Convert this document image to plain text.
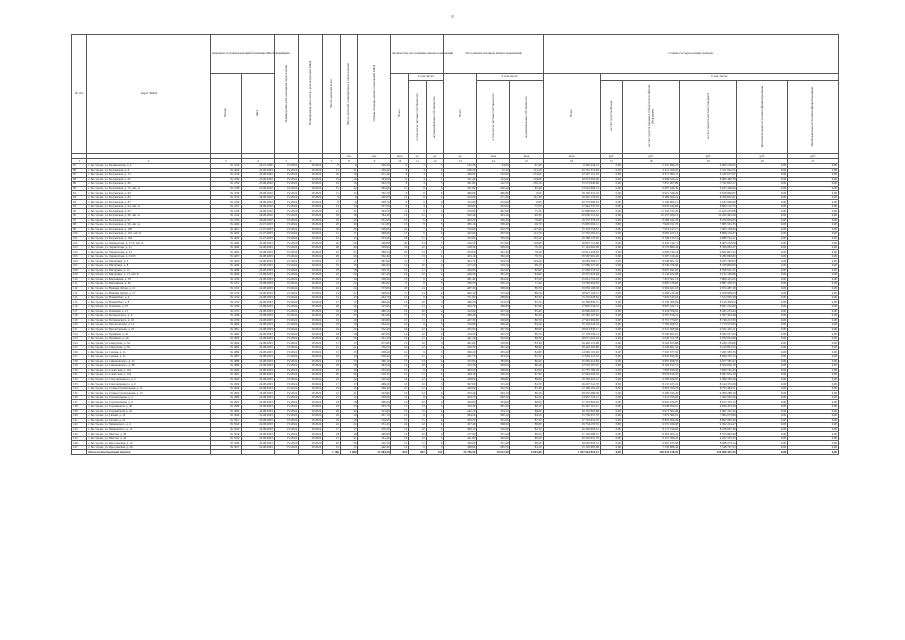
8
№ п/п	Адрес МКД	Документ, подтверждающий признание МКД аварийным		Планируемая дата окончания переселения	Планируемая дата сноса / реконструкции МКД	Число жителей всего	Число жителей, планируемых к переселению	Общая площадь жилых помещений МКД	Количество расселяемых жилых помещений			Расселяемая площадь жилых помещений			Стоимость переселения граждан					
		Номер	Дата						Всего	в том числе:		Всего	в том числе:		Всего	в том числе:				
										в том числе частная собственность	муниципальная собственность		в том числе частная собственность	муниципальная собственность		за счет средств Фонда	за счет средств бюджета субъекта Российской Федерации	за счет средств местного бюджета	Дополнительные источники финансирования	Внебюджетные источники финансирования
							чел.	чел.	кв.м	ед.	ед.	ед.	кв.м	кв.м	кв.м	руб.	руб.	руб.	руб.	руб.
1	2	3	4	5	6	7	8	9	10	11	12	13	14	15	16	17	18	19	20	21
85	г. Кострома, ул. Калиновская, д. 4	№ 473г	24.10.1996	IV.2024	IV.2024	6	6	206,40	6	3	3	122,30	24,90	97,40	9 392 444,12	0,00	5 331 694,10	4 060 750,02	0,00	0,00
86	г. Кострома, ул. Козуевская, д. 8	№ 464г	25.09.2003	IV.2024	IV.2024	21	21	256,40	8	4	4	166,20	52,10	114,10	10 722 372,94	0,00	5 411 350,20	5 311 022,74	0,00	0,00
87	г. Кострома, ул. Козуевская, д. 15	№ 474г	25.08.2002	IV.2024	IV.2024	16	16	471,40	6	4	2	406,00	132,00	274,00	12 547 112,18	0,00	6 317 095,11	6 230 017,07	0,00	0,00
88	г. Кострома, ул. Козуевская, д. 62	№ 476г	25.08.2002	IV.2024	IV.2024	19	16	563,00	11	4	7	351,40	132,60	218,80	18 072 981,00	0,00	9 086 520,22	8 986 460,78	0,00	0,00
89	г. Кострома, ул. Козуевская, д. 66	№ 472г	25.08.2002	IV.2024	IV.2024	16	16	504,70	8	3	5	381,80	142,70	239,10	15 573 640,06	0,00	7 851 007,89	7 722 632,17	0,00	0,00
90	г. Кострома, ул. Козуевская, д. 72, лит. А	№ 478г	25.08.2002	IV.2024	IV.2024	15	12	565,60	12	9	3	331,80	246,40	85,40	13 622 890,14	0,00	6 987 440,30	6 635 449,84	0,00	0,00
91	г. Кострома, ул. Козуевская, д. 84	№ 479г	26.08.2002	IV.2024	IV.2024	11	11	792,70	6	6	0	480,80	480,80	0,00	19 740 331,16	0,00	9 921 340,29	9 818 990,87	0,00	0,00
92	г. Кострома, ул. Козуевская, д. 85	№ 473г	26.08.2002	IV.2024	IV.2024	9	9	420,00	12	8	4	412,60	271,30	141,30	16 945 133,02	0,00	8 486 300,41	8 458 832,61	0,00	0,00
93	г. Кострома, ул. Козуевская, д. 87	№ 470г	26.08.2002	IV.2024	IV.2024	8	8	348,10	9	9	0	252,60	252,60	0,00	10 373 000,81	0,00	5 190 004,15	5 182 996,66	0,00	0,00
94	г. Кострома, ул. Козуевская, д. 94, лит. А	№ 471г	26.08.2002	IV.2024	IV.2024	14	14	557,50	6	4	2	429,60	352,60	77,00	17 642 337,33	0,00	8 833 224,60	8 809 112,73	0,00	0,00
95	г. Кострома, ул. Козуевская, д. 95	№ 479г	26.08.2002	IV.2024	IV.2024	21	21	564,70	11	9	2	556,90	481,60	75,30	22 868 694,37	0,00	11 445 511,29	11 423 183,08	0,00	0,00
96	г. Кострома, ул. Козуевская, д. 96, лит. А	№ 474г	26.08.2002	IV.2024	IV.2024	18	18	784,30	13	11	2	502,40	403,10	99,30	20 630 513,42	0,00	10 337 020,13	10 293 493,29	0,00	0,00
97	г. Кострома, ул. Козуевская, д. 97	№ 476г	26.08.2002	IV.2024	IV.2024	19	19	531,90	13	6	7	403,20	326,30	76,90	16 557 376,43	0,00	8 286 441,78	8 270 934,65	0,00	0,00
98	г. Кострома, ул. Козуевская, д. 99, лит. А	№ 460г	21.07.2003	IV.2024	IV.2024	20	20	511,80	13	8	5	385,10	338,40	46,70	15 805 693,11	0,00	7 920 191,76	7 885 501,35	0,00	0,00
99	г. Кострома, ул. Козуевская, д. 100	№ 461г	21.07.2003	IV.2024	IV.2024	30	30	509,00	16	7	9	370,60	232,70	137,90	15 218 556,81	0,00	7 613 417,17	7 605 139,64	0,00	0,00
100	г. Кострома, ул. Козуевская, д. 101, лит. Б	№ 462г	21.07.2003	IV.2024	IV.2024	11	11	396,60	13	9	4	422,60	307,90	114,70	17 353 581,61	0,00	8 685 427,14	8 668 154,47	0,00	0,00
101	г. Кострома, ул. Козуевская, д. 102	№ 463г	21.07.2003	IV.2024	IV.2024	15	15	553,20	18	11	7	472,60	339,40	133,20	19 398 137,62	0,00	9 709 413,51	9 688 724,11	0,00	0,00
102	г. Кострома, ул. Лермонтова, д. 17/4, лит. А	№ 460г	22.08.2003	IV.2024	IV.2024	20	20	450,80	20	13	7	410,50	251,60	158,90	16 825 712,80	0,00	8 422 134,71	8 403 578,09	0,00	0,00
103	г. Кострома, ул. Лермонтова, д. 21	№ 468г	22.08.2003	IV.2024	IV.2024	20	20	529,60	16	12	4	418,30	339,20	79,10	17 142 962,69	0,00	8 576 880,42	8 566 082,27	0,00	0,00
104	г. Кострома, ул. Лермонтова, д. 23	№ 465г	22.08.2003	IV.2024	IV.2024	25	25	589,50	19	14	5	479,60	401,30	78,30	19 651 433,67	0,00	9 828 742,14	9 822 691,53	0,00	0,00
105	г. Кострома, ул. Лермонтова, д. 23/25	№ 467г	22.08.2003	IV.2024	IV.2024	20	20	532,40	17	13	4	453,10	382,40	70,70	18 567 901,26	0,00	9 287 210,44	9 280 690,82	0,00	0,00
106	г. Кострома, ул. Мичурина, д. 3	№ 463г	22.08.2003	IV.2024	IV.2024	17	17	481,90	12	7	5	392,70	263,50	129,20	16 084 390,17	0,00	8 048 601,52	8 035 788,65	0,00	0,00
107	г. Кострома, ул. Мичурина, д. 8	№ 466г	22.08.2003	IV.2024	IV.2024	19	19	490,30	14	10	4	417,20	319,10	98,10	17 088 227,49	0,00	8 549 336,66	8 538 890,83	0,00	0,00
108	г. Кострома, ул. Мичурина, д. 12	№ 468г	22.08.2003	IV.2024	IV.2024	18	18	520,70	15	11	4	429,80	342,90	86,90	17 604 553,22	0,00	8 807 641,95	8 796 911,27	0,00	0,00
109	г. Кострома, ул. Мичурина, д. 13, лит. Б	№ 469г	22.08.2003	IV.2024	IV.2024	22	22	547,10	16	12	4	446,20	361,30	84,90	18 275 618,94	0,00	9 143 422,08	9 132 196,86	0,00	0,00
110	г. Кострома, ул. Мясницкая, д. 58	№ 470г	22.08.2003	IV.2024	IV.2024	16	16	458,30	13	9	4	381,40	294,20	87,20	15 621 752,18	0,00	7 815 301,13	7 806 451,05	0,00	0,00
111	г. Кострома, ул. Мясницкая, д. 60	№ 471г	22.08.2003	IV.2024	IV.2024	14	14	402,90	11	8	3	336,50	265,10	71,40	13 782 604,93	0,00	6 895 128,60	6 887 476,33	0,00	0,00
112	г. Кострома, ул. Нижняя Дебря, д. 21	№ 472г	22.08.2003	IV.2024	IV.2024	24	24	573,80	18	14	4	487,30	398,60	88,70	19 959 108,36	0,00	9 984 621,18	9 974 487,18	0,00	0,00
113	г. Кострома, ул. Нижняя Дебря, д. 27	№ 473г	22.08.2003	IV.2024	IV.2024	21	21	548,20	17	13	4	462,10	372,40	89,70	18 927 194,51	0,00	9 468 210,48	9 458 984,03	0,00	0,00
114	г. Кострома, ул. Новый Быт, д. 4	№ 474г	22.08.2003	IV.2024	IV.2024	15	15	442,70	12	9	3	371,90	288,60	83,30	15 232 628,62	0,00	7 620 533,04	7 612 095,58	0,00	0,00
115	г. Кострома, ул. Новый Быт, д. 8	№ 475г	22.08.2003	IV.2024	IV.2024	17	17	466,40	13	10	3	398,20	314,50	83,70	16 309 829,71	0,00	8 159 393,69	8 150 436,02	0,00	0,00
116	г. Кострома, ул. Осыпная, д. 18	№ 476г	22.08.2003	IV.2024	IV.2024	20	20	515,60	15	11	4	434,70	346,80	87,90	17 805 245,31	0,00	8 907 522,71	8 897 722,60	0,00	0,00
117	г. Кострома, ул. Осыпная, д. 21	№ 477г	22.08.2003	IV.2024	IV.2024	18	18	489,10	14	10	4	412,60	327,20	85,40	16 900 020,15	0,00	8 454 766,91	8 445 253,24	0,00	0,00
118	г. Кострома, ул. Петрковского, д. 6	№ 478г	22.08.2003	IV.2024	IV.2024	23	23	561,90	17	13	4	468,40	379,10	89,30	19 185 207,62	0,00	9 597 814,14	9 587 393,48	0,00	0,00
119	г. Кострома, ул. Петрковского, д. 10	№ 479г	22.08.2003	IV.2024	IV.2024	19	19	503,80	15	11	4	427,30	340,60	86,70	17 501 994,80	0,00	8 755 776,97	8 746 217,83	0,00	0,00
120	г. Кострома, ул. Пролетарская, д. 14	№ 480г	22.08.2003	IV.2024	IV.2024	16	16	452,20	12	9	3	379,80	296,40	83,40	15 556 242,34	0,00	7 782 268,51	7 773 973,83	0,00	0,00
121	г. Кострома, ул. Пролетарская, д. 25	№ 481г	22.08.2003	IV.2024	IV.2024	22	22	552,40	16	12	4	455,90	367,30	88,60	18 672 830,17	0,00	9 341 398,06	9 331 432,11	0,00	0,00
122	г. Кострома, ул. Пушкина, д. 41	№ 482г	22.08.2003	IV.2024	IV.2024	18	18	497,60	14	10	4	419,40	332,70	86,70	17 178 459,21	0,00	8 593 902,01	8 584 557,20	0,00	0,00
123	г. Кострома, ул. Пушкина, д. 49	№ 483г	22.08.2003	IV.2024	IV.2024	20	20	521,30	15	11	4	441,20	352,90	88,30	18 071 425,44	0,00	9 040 572,78	9 030 852,66	0,00	0,00
124	г. Кострома, ул. Свердлова, д. 54	№ 484г	22.08.2003	IV.2024	IV.2024	17	17	471,80	13	10	3	401,60	318,30	83,30	16 449 172,96	0,00	8 229 053,88	8 220 119,08	0,00	0,00
125	г. Кострома, ул. Свердлова, д. 59	№ 485г	22.08.2003	IV.2024	IV.2024	21	21	539,70	16	12	4	450,30	361,40	88,90	18 443 492,86	0,00	9 226 661,34	9 216 831,52	0,00	0,00
126	г. Кострома, ул. Сенная, д. 11	№ 486г	22.08.2003	IV.2024	IV.2024	15	15	438,40	12	9	3	366,20	283,40	82,80	14 999 161,26	0,00	7 503 577,50	7 495 583,76	0,00	0,00
127	г. Кострома, ул. Сенная, д. 21	№ 487г	22.08.2003	IV.2024	IV.2024	19	19	508,20	15	11	4	431,70	344,50	87,20	17 682 213,52	0,00	8 845 843,39	8 836 370,13	0,00	0,00
128	г. Кострома, ул. Симановского, д. 52	№ 488г	22.08.2003	IV.2024	IV.2024	23	23	566,10	17	13	4	472,80	383,60	89,20	19 365 413,84	0,00	9 687 828,37	9 677 585,47	0,00	0,00
129	г. Кострома, ул. Симановского, д. 68	№ 489г	22.08.2003	IV.2024	IV.2024	18	18	493,50	14	10	4	415,30	328,90	86,40	17 010 567,67	0,00	8 509 911,51	8 500 656,16	0,00	0,00
130	г. Кострома, ул. Советская, д. 110	№ 490г	22.08.2003	IV.2024	IV.2024	16	16	455,90	12	9	3	383,50	299,60	83,90	15 707 786,26	0,00	7 858 040,83	7 849 745,43	0,00	0,00
131	г. Кострома, ул. Советская, д. 124	№ 491г	22.08.2003	IV.2024	IV.2024	20	20	518,70	15	11	4	438,10	350,20	87,90	17 944 450,52	0,00	8 976 816,33	8 967 634,19	0,00	0,00
132	г. Кострома, ул. Спасокукоцкого, д. 3	№ 492г	22.08.2003	IV.2024	IV.2024	22	22	549,30	16	12	4	458,60	369,80	88,80	18 783 422,15	0,00	9 396 636,87	9 386 785,28	0,00	0,00
133	г. Кострома, ул. Спасокукоцкого, д. 9	№ 493г	22.08.2003	IV.2024	IV.2024	17	17	469,20	13	10	3	397,90	315,20	82,70	16 297 541,78	0,00	8 153 167,22	8 144 374,56	0,00	0,00
134	г. Кострома, ул. Станкостроительная, д. 11	№ 494г	22.08.2003	IV.2024	IV.2024	19	19	506,40	15	11	4	429,60	342,30	87,30	17 596 191,29	0,00	8 802 706,78	8 793 484,51	0,00	0,00
135	г. Кострома, ул. Станкостроительная, д. 15	№ 495г	22.08.2003	IV.2024	IV.2024	21	21	543,80	16	12	4	453,40	364,10	89,30	18 570 480,36	0,00	9 290 194,20	9 280 286,16	0,00	0,00
136	г. Кострома, ул. Строительная, д. 5	№ 496г	22.08.2003	IV.2024	IV.2024	15	15	436,90	11	8	3	364,70	282,50	82,20	14 937 723,11	0,00	7 472 793,82	7 464 929,29	0,00	0,00
137	г. Кострома, ул. Строительная, д. 9	№ 497г	22.08.2003	IV.2024	IV.2024	18	18	498,20	14	10	4	420,80	333,90	86,90	17 235 804,02	0,00	8 622 433,87	8 613 370,15	0,00	0,00
138	г. Кострома, ул. Терешковой, д. 40	№ 498г	22.08.2003	IV.2024	IV.2024	23	23	563,70	17	13	4	470,40	381,30	89,10	19 267 110,21	0,00	9 638 656,91	9 628 453,30	0,00	0,00
139	г. Кострома, ул. Терешковой, д. 42	№ 499г	22.08.2003	IV.2024	IV.2024	20	20	523,60	15	11	4	442,70	354,10	88,60	18 132 863,68	0,00	9 071 302,26	9 061 561,42	0,00	0,00
140	г. Кострома, ул. Ткачей, д. 10	№ 500г	22.08.2003	IV.2024	IV.2024	16	16	457,10	12	9	3	384,20	300,10	84,10	15 736 457,70	0,00	7 872 384,01	7 864 073,69	0,00	0,00
141	г. Кострома, ул. Ткачей, д. 22	№ 501г	22.08.2003	IV.2024	IV.2024	19	19	510,90	15	11	4	433,20	345,90	87,30	17 743 652,25	0,00	8 876 566,26	8 867 085,99	0,00	0,00
142	г. Кострома, ул. Чайковского, д. 4	№ 502г	22.08.2003	IV.2024	IV.2024	22	22	551,20	16	12	4	457,40	368,60	88,80	18 734 270,55	0,00	9 372 046,08	9 362 224,47	0,00	0,00
143	г. Кострома, ул. Чайковского, д. 12	№ 503г	22.08.2003	IV.2024	IV.2024	17	17	470,30	13	10	3	399,10	316,40	82,70	16 346 693,41	0,00	8 177 756,02	8 168 937,39	0,00	0,00
144	г. Кострома, ул. Шагова, д. 36	№ 504г	22.08.2003	IV.2024	IV.2024	18	18	495,80	14	10	4	417,90	331,40	86,50	17 116 998,37	0,00	8 563 005,41	8 553 992,96	0,00	0,00
145	г. Кострома, ул. Шагова, д. 44	№ 505г	22.08.2003	IV.2024	IV.2024	21	21	541,40	16	12	4	451,80	362,60	89,20	18 504 931,79	0,00	9 257 396,24	9 247 535,55	0,00	0,00
146	г. Кострома, ул. Ярославская, д. 12	№ 506г	22.08.2003	IV.2024	IV.2024	20	20	520,10	15	11	4	439,60	351,40	88,20	18 005 893,12	0,00	9 007 613,98	8 998 279,14	0,00	0,00
147	г. Кострома, ул. Ярославская, д. 28	№ 507г	22.08.2003	IV.2024	IV.2024	15	15	440,20	12	9	3	368,80	285,70	83,10	15 105 685,68	0,00	7 556 888,43	7 548 797,25	0,00	0,00
	Итого по Костромской области					1 106	1 089	31 084,30	852	601	251	25 706,20	19 612,40	6 093,80	1 052 964 810,47	0,00	526 876 418,92	526 088 391,55	0,00	0,00
